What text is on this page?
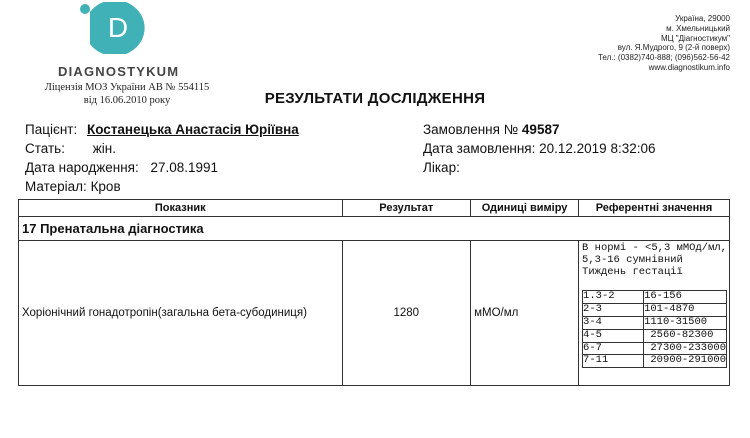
D
DIAGNOSTYKUM
Ліцензія МОЗ України АВ № 554115
від 16.06.2010 року
Україна, 29000
м. Хмельницький
МЦ "Діагностикум"
вул. Я.Мудрого, 9 (2-й поверх)
Тел.: (0382)740-888; (096)562-56-42
www.diagnostikum.info
РЕЗУЛЬТАТИ ДОСЛІДЖЕННЯ
Пацієнт: Костанецька Анастасія Юріївна
Стать: жін.
Дата народження: 27.08.1991
Матеріал: Кров
Замовлення № 49587
Дата замовлення: 20.12.2019 8:32:06
Лікар:
Показник	Результат	Одиниці виміру	Референтні значення
17 Пренатальна діагностика
Хоріонічний гонадотропін(загальна бета-субодиниця)	1280	мМО/мл	
В нормі - <5,3 мМОд/мл,
5,3-16 сумнівний
Тиждень гестації
1.3-2	16-156
2-3	101-4870
3-4	1110-31500
4-5	2560-82300
6-7	27300-233000
7-11	20900-291000
